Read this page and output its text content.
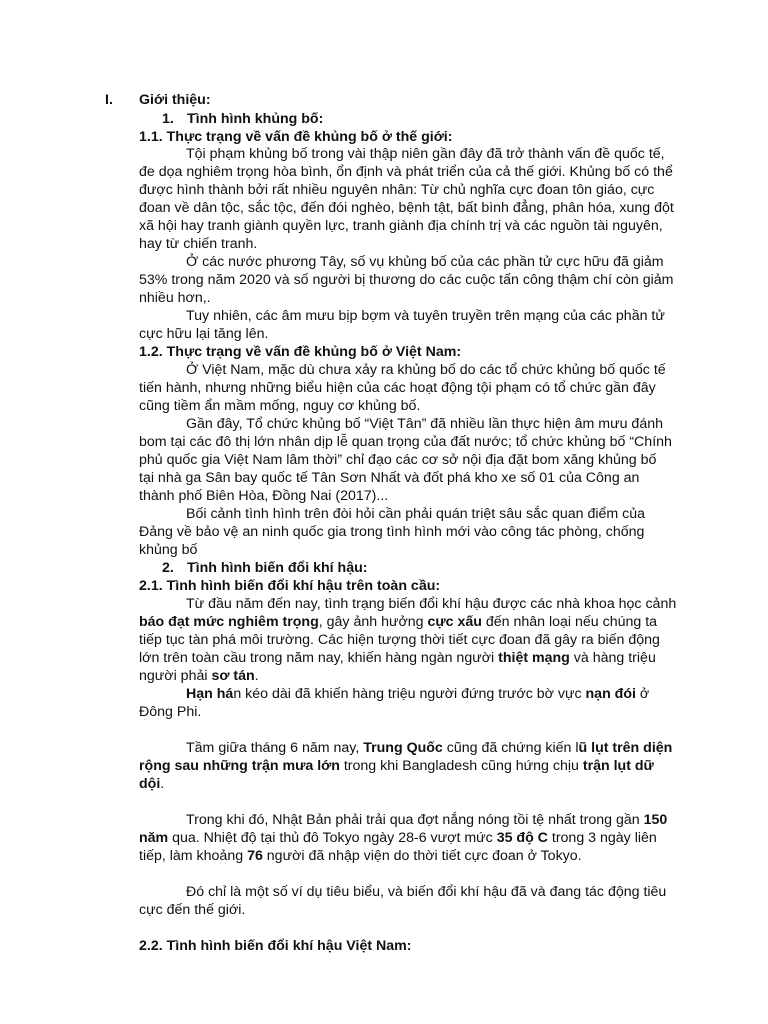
I. Giới thiệu:
1. Tình hình khủng bố:
1.1. Thực trạng về vấn đề khủng bố ở thế giới:
Tội phạm khủng bố trong vài thập niên gần đây đã trở thành vấn đề quốc tế,
đe dọa nghiêm trọng hòa bình, ổn định và phát triển của cả thế giới. Khủng bố có thể
được hình thành bởi rất nhiều nguyên nhân: Từ chủ nghĩa cực đoan tôn giáo, cực
đoan về dân tộc, sắc tộc, đến đói nghèo, bệnh tật, bất bình đẳng, phân hóa, xung đột
xã hội hay tranh giành quyền lực, tranh giành địa chính trị và các nguồn tài nguyên,
hay từ chiến tranh.
Ở các nước phương Tây, số vụ khủng bố của các phần tử cực hữu đã giảm
53% trong năm 2020 và số người bị thương do các cuộc tấn công thậm chí còn giảm
nhiều hơn,.
Tuy nhiên, các âm mưu bịp bợm và tuyên truyền trên mạng của các phần tử
cực hữu lại tăng lên.
1.2. Thực trạng về vấn đề khủng bố ở Việt Nam:
Ở Việt Nam, mặc dù chưa xảy ra khủng bố do các tổ chức khủng bố quốc tế
tiến hành, nhưng những biểu hiện của các hoạt động tội phạm có tổ chức gần đây
cũng tiềm ẩn mầm mống, nguy cơ khủng bố.
Gần đây, Tổ chức khủng bố “Việt Tân” đã nhiều lần thực hiện âm mưu đánh
bom tại các đô thị lớn nhân dịp lễ quan trọng của đất nước; tổ chức khủng bố “Chính
phủ quốc gia Việt Nam lâm thời” chỉ đạo các cơ sở nội địa đặt bom xăng khủng bố
tại nhà ga Sân bay quốc tế Tân Sơn Nhất và đốt phá kho xe số 01 của Công an
thành phố Biên Hòa, Đồng Nai (2017)...
Bối cảnh tình hình trên đòi hỏi cần phải quán triệt sâu sắc quan điểm của
Đảng về bảo vệ an ninh quốc gia trong tình hình mới vào công tác phòng, chống
khủng bố
2. Tình hình biến đổi khí hậu:
2.1. Tình hình biến đổi khí hậu trên toàn cầu:
Từ đầu năm đến nay, tình trạng biến đổi khí hậu được các nhà khoa học cảnh
báo đạt mức nghiêm trọng, gây ảnh hưởng cực xấu đến nhân loại nếu chúng ta
tiếp tục tàn phá môi trường. Các hiện tượng thời tiết cực đoan đã gây ra biến động
lớn trên toàn cầu trong năm nay, khiến hàng ngàn người thiệt mạng và hàng triệu
người phải sơ tán.
Hạn hán kéo dài đã khiến hàng triệu người đứng trước bờ vực nạn đói ở
Đông Phi.
Tầm giữa tháng 6 năm nay, Trung Quốc cũng đã chứng kiến lũ lụt trên diện
rộng sau những trận mưa lớn trong khi Bangladesh cũng hứng chịu trận lụt dữ
dội.
Trong khi đó, Nhật Bản phải trải qua đợt nắng nóng tồi tệ nhất trong gần 150
năm qua. Nhiệt độ tại thủ đô Tokyo ngày 28-6 vượt mức 35 độ C trong 3 ngày liên
tiếp, làm khoảng 76 người đã nhập viện do thời tiết cực đoan ở Tokyo.
Đó chỉ là một số ví dụ tiêu biểu, và biến đổi khí hậu đã và đang tác động tiêu
cực đến thế giới.
2.2. Tình hình biến đổi khí hậu Việt Nam:
